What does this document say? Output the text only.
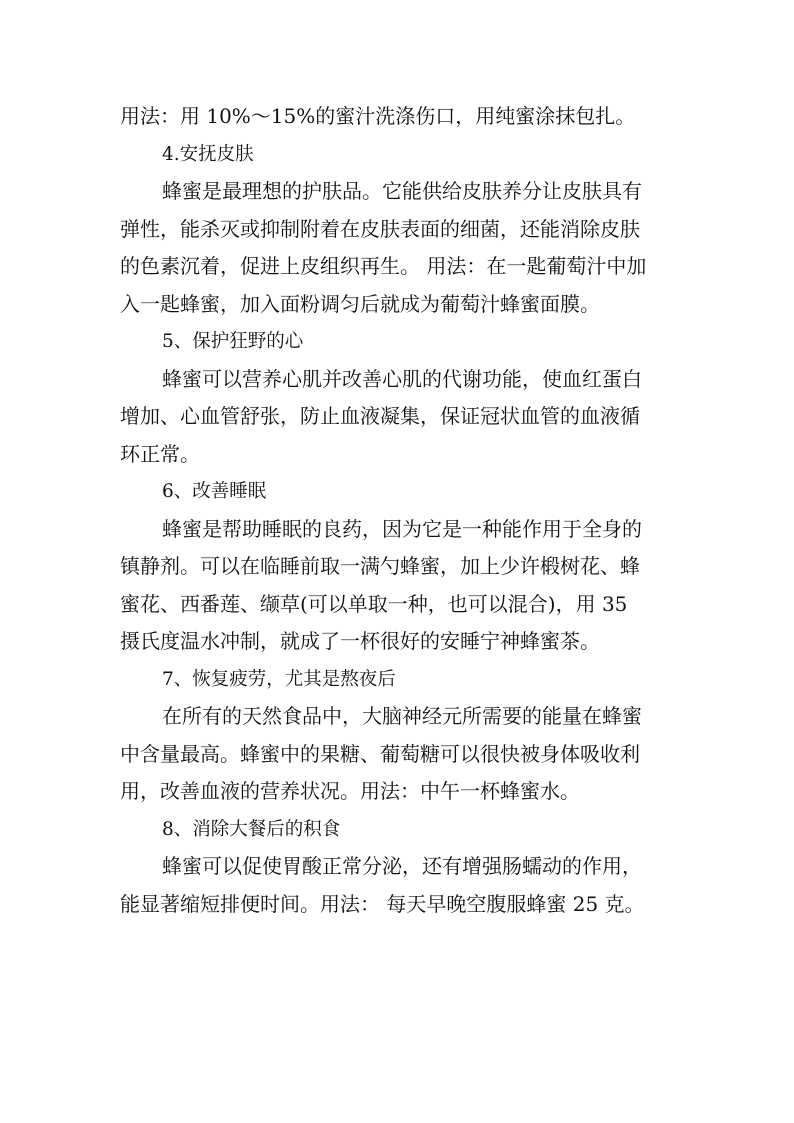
用法：用 10%～15%的蜜汁洗涤伤口，用纯蜜涂抹包扎。
4.安抚皮肤
蜂蜜是最理想的护肤品。它能供给皮肤养分让皮肤具有
弹性，能杀灭或抑制附着在皮肤表面的细菌，还能消除皮肤
的色素沉着，促进上皮组织再生。 用法：在一匙葡萄汁中加
入一匙蜂蜜，加入面粉调匀后就成为葡萄汁蜂蜜面膜。
5、保护狂野的心
蜂蜜可以营养心肌并改善心肌的代谢功能，使血红蛋白
增加、心血管舒张，防止血液凝集，保证冠状血管的血液循
环正常。
6、改善睡眠
蜂蜜是帮助睡眠的良药，因为它是一种能作用于全身的
镇静剂。可以在临睡前取一满勺蜂蜜，加上少许椴树花、蜂
蜜花、西番莲、缬草(可以单取一种，也可以混合)，用 35
摄氏度温水冲制，就成了一杯很好的安睡宁神蜂蜜茶。
7、恢复疲劳，尤其是熬夜后
在所有的天然食品中，大脑神经元所需要的能量在蜂蜜
中含量最高。蜂蜜中的果糖、葡萄糖可以很快被身体吸收利
用，改善血液的营养状况。用法：中午一杯蜂蜜水。
8、消除大餐后的积食
蜂蜜可以促使胃酸正常分泌，还有增强肠蠕动的作用，
能显著缩短排便时间。用法： 每天早晚空腹服蜂蜜 25 克。
